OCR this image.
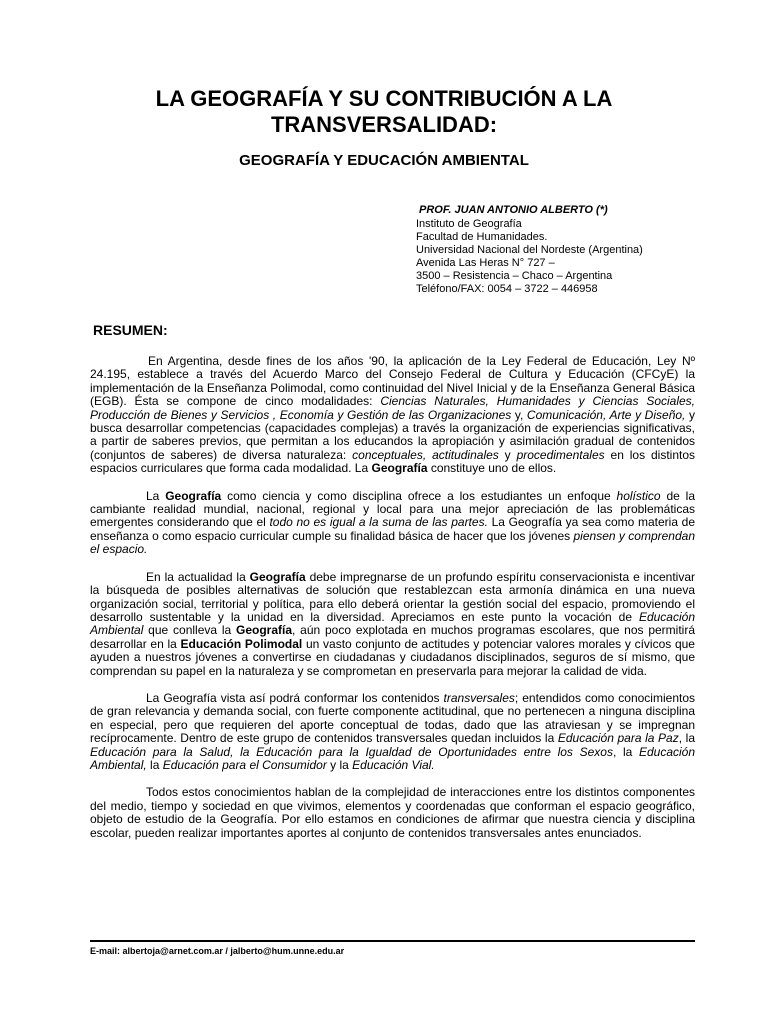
LA GEOGRAFÍA Y SU CONTRIBUCIÓN A LA
TRANSVERSALIDAD:
GEOGRAFÍA Y EDUCACIÓN AMBIENTAL
PROF. JUAN ANTONIO ALBERTO (*)
Instituto de Geografía
Facultad de Humanidades.
Universidad Nacional del Nordeste (Argentina)
Avenida Las Heras N° 727 –
3500 – Resistencia – Chaco – Argentina
Teléfono/FAX: 0054 – 3722 – 446958
RESUMEN:

En Argentina, desde fines de los años '90, la aplicación de la Ley Federal de Educación, Ley Nº 24.195, establece a través del Acuerdo Marco del Consejo Federal de Cultura y Educación (CFCyE) la implementación de la Enseñanza Polimodal, como continuidad del Nivel Inicial y de la Enseñanza General Básica (EGB). Ésta se compone de cinco modalidades: Ciencias Naturales, Humanidades y Ciencias Sociales, Producción de Bienes y Servicios , Economía y Gestión de las Organizaciones y, Comunicación, Arte y Diseño, y busca desarrollar competencias (capacidades complejas) a través la organización de experiencias significativas, a partir de saberes previos, que permitan a los educandos la apropiación y asimilación gradual de contenidos (conjuntos de saberes) de diversa naturaleza: conceptuales, actitudinales y procedimentales en los distintos espacios curriculares que forma cada modalidad. La Geografía constituye uno de ellos.

La Geografía como ciencia y como disciplina ofrece a los estudiantes un enfoque holístico de la cambiante realidad mundial, nacional, regional y local para una mejor apreciación de las problemáticas emergentes considerando que el todo no es igual a la suma de las partes. La Geografía ya sea como materia de enseñanza o como espacio curricular cumple su finalidad básica de hacer que los jóvenes piensen y comprendan el espacio.

En la actualidad la Geografía debe impregnarse de un profundo espíritu conservacionista e incentivar la búsqueda de posibles alternativas de solución que restablezcan esta armonía dinámica en una nueva organización social, territorial y política, para ello deberá orientar la gestión social del espacio, promoviendo el desarrollo sustentable y la unidad en la diversidad. Apreciamos en este punto la vocación de Educación Ambiental que conlleva la Geografía, aún poco explotada en muchos programas escolares, que nos permitirá desarrollar en la Educación Polimodal un vasto conjunto de actitudes y potenciar valores morales y cívicos que ayuden a nuestros jóvenes a convertirse en ciudadanas y ciudadanos disciplinados, seguros de sí mismo, que comprendan su papel en la naturaleza y se comprometan en preservarla para mejorar la calidad de vida.

La Geografía vista así podrá conformar los contenidos transversales; entendidos como conocimientos de gran relevancia y demanda social, con fuerte componente actitudinal, que no pertenecen a ninguna disciplina en especial, pero que requieren del aporte conceptual de todas, dado que las atraviesan y se impregnan recíprocamente. Dentro de este grupo de contenidos transversales quedan incluidos la Educación para la Paz, la Educación para la Salud, la Educación para la Igualdad de Oportunidades entre los Sexos, la Educación Ambiental, la Educación para el Consumidor y la Educación Vial.

Todos estos conocimientos hablan de la complejidad de interacciones entre los distintos componentes del medio, tiempo y sociedad en que vivimos, elementos y coordenadas que conforman el espacio geográfico, objeto de estudio de la Geografía. Por ello estamos en condiciones de afirmar que nuestra ciencia y disciplina escolar, pueden realizar importantes aportes al conjunto de contenidos transversales antes enunciados.

E-mail: albertoja@arnet.com.ar / jalberto@hum.unne.edu.ar
